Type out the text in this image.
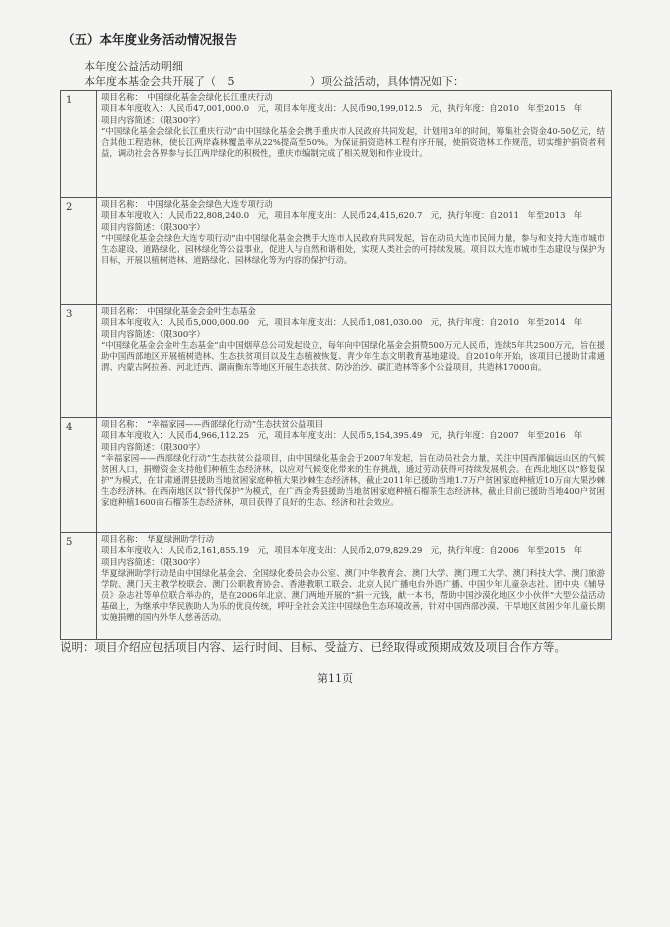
（五）本年度业务活动情况报告
本年度公益活动明细
本年度本基金会共开展了（ 5	）项公益活动，具体情况如下：
1	项目名称：　 中国绿化基金会绿化长江重庆行动
项目本年度收入：人民币47,001,000.0　元，项目本年度支出：人民币90,199,012.5　元，执行年度：自2010　年至2015　年
项目内容简述：（限300字）

“中国绿化基金会绿化长江重庆行动”由中国绿化基金会携手重庆市人民政府共同发起，计划用3年的时间，筹集社会资金40-50亿元，结合其他工程造林，使长江两岸森林覆盖率从22%提高至50%。为保证捐资造林工程有序开展，使捐资造林工作规范，切实维护捐资者利益，调动社会各界参与长江两岸绿化的积极性，重庆市编制完成了相关规划和作业设计。

2	项目名称：　 中国绿化基金会绿色大连专项行动
项目本年度收入：人民币22,808,240.0　元，项目本年度支出：人民币24,415,620.7　元，执行年度：自2011　年至2013　年
项目内容简述：（限300字）

“中国绿化基金会绿色大连专项行动”由中国绿化基金会携手大连市人民政府共同发起，旨在动员大连市民间力量，参与和支持大连市城市生态建设、道路绿化、园林绿化等公益事业，促进人与自然和谐相处，实现人类社会的可持续发展。项目以大连市城市生态建设与保护为目标，开展以植树造林、道路绿化、园林绿化等为内容的保护行动。

3	项目名称：　 中国绿化基金会金叶生态基金
项目本年度收入：人民币5,000,000.00　元，项目本年度支出：人民币1,081,030.00　元，执行年度：自2010　年至2014　年
项目内容简述：（限300字）

“中国绿化基金会金叶生态基金”由中国烟草总公司发起设立，每年向中国绿化基金会捐赞500万元人民币，连续5年共2500万元，旨在援助中国西部地区开展植树造林、生态扶贫项目以及生态植被恢复、青少年生态文明教育基地建设。自2010年开始，该项目已援助甘肃通渭、内蒙古阿拉善、河北迁西、湖南衡东等地区开展生态扶贫、防沙治沙、碳汇造林等多个公益项目，共造林17000亩。

4	项目名称：　 “幸福家园——西部绿化行动”生态扶贫公益项目
项目本年度收入：人民币4,966,112.25　元，项目本年度支出：人民币5,154,395.49　元，执行年度：自2007　年至2016　年
项目内容简述：（限300字）

“幸福家园——西部绿化行动”生态扶贫公益项目，由中国绿化基金会于2007年发起，旨在动员社会力量，关注中国西部偏远山区的气候贫困人口，捐赠资金支持他们种植生态经济林，以应对气候变化带来的生存挑战，通过劳动获得可持续发展机会。在西北地区以“修复保护”为模式，在甘肃通渭县援助当地贫困家庭种植大果沙棘生态经济林，截止2011年已援助当地1.7万户贫困家庭种植近10万亩大果沙棘生态经济林。在西南地区以“替代保护”为模式，在广西金秀县援助当地贫困家庭种植石榴茶生态经济林，截止目前已援助当地400户贫困家庭种植1600亩石榴茶生态经济林，项目获得了良好的生态、经济和社会效应。

5	项目名称：　 华夏绿洲助学行动
项目本年度收入：人民币2,161,855.19　元，项目本年度支出：人民币2,079,829.29　元，执行年度：自2006　年至2015　年
项目内容简述：（限300字）

华夏绿洲助学行动是由中国绿化基金会、全国绿化委员会办公室、澳门中华教育会、澳门大学、澳门理工大学、澳门科技大学、澳门旅游学院、澳门天主教学校联会、澳门公职教育协会、香港教职工联会、北京人民广播电台外语广播、中国少年儿童杂志社、团中央《辅导员》杂志社等单位联合举办的，是在2006年北京、澳门两地开展的“捐一元钱，献一本书，帮助中国沙漠化地区少小伙伴”大型公益活动基础上，为继承中华民族助人为乐的优良传统，呼吁全社会关注中国绿色生态环境改善，针对中国西部沙漠、干旱地区贫困少年儿童长期实施捐赠的国内外华人慈善活动。

说明：项目介绍应包括项目内容、运行时间、目标、受益方、已经取得或预期成效及项目合作方等。
第11页
